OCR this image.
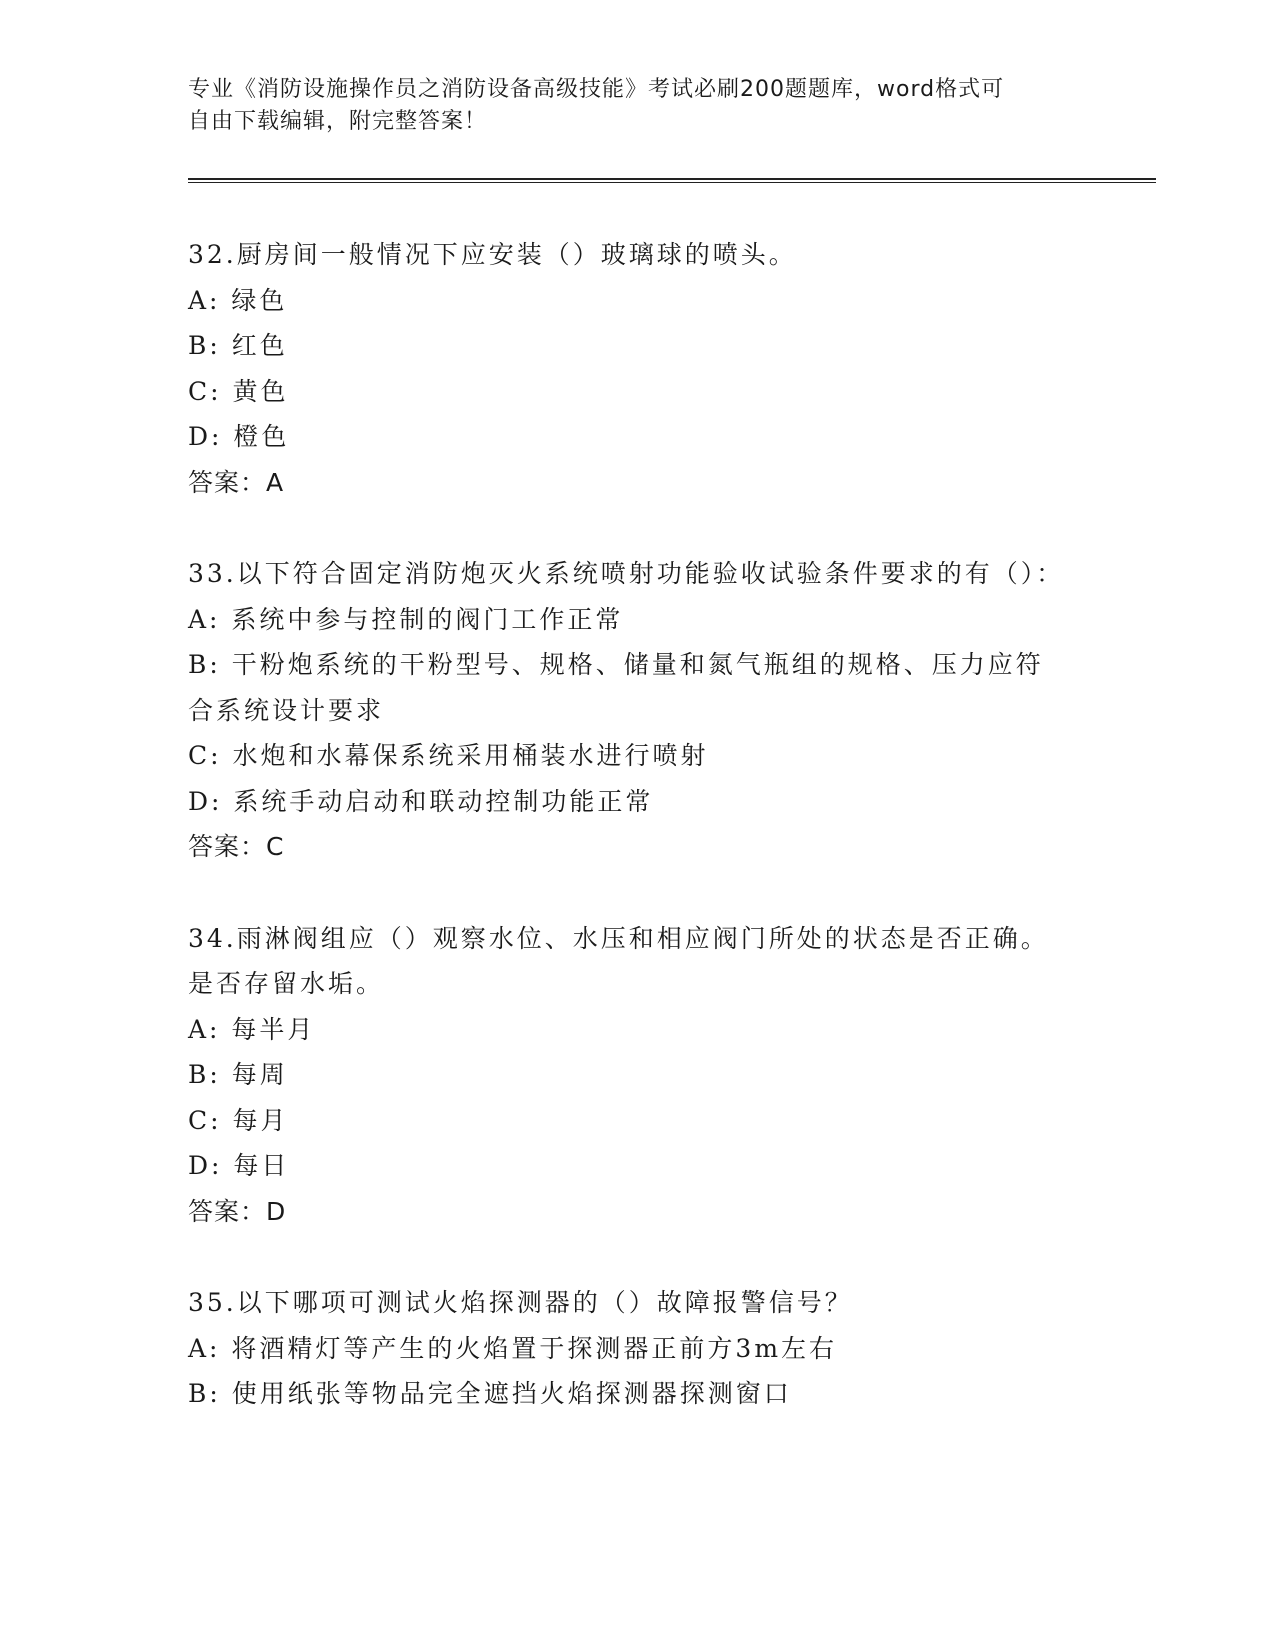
专业《消防设施操作员之消防设备高级技能》考试必刷200题题库，word格式可
自由下载编辑，附完整答案！
32.厨房间一般情况下应安装（）玻璃球的喷头。
A: 绿色
B: 红色
C: 黄色
D: 橙色
答案：A
33.以下符合固定消防炮灭火系统喷射功能验收试验条件要求的有（）：
A: 系统中参与控制的阀门工作正常
B: 干粉炮系统的干粉型号、规格、储量和氮气瓶组的规格、压力应符合系统设计要求
C: 水炮和水幕保系统采用桶装水进行喷射
D: 系统手动启动和联动控制功能正常
答案：C
34.雨淋阀组应（）观察水位、水压和相应阀门所处的状态是否正确。是否存留水垢。
A: 每半月
B: 每周
C: 每月
D: 每日
答案：D
35.以下哪项可测试火焰探测器的（）故障报警信号？
A: 将酒精灯等产生的火焰置于探测器正前方3m左右
B: 使用纸张等物品完全遮挡火焰探测器探测窗口
